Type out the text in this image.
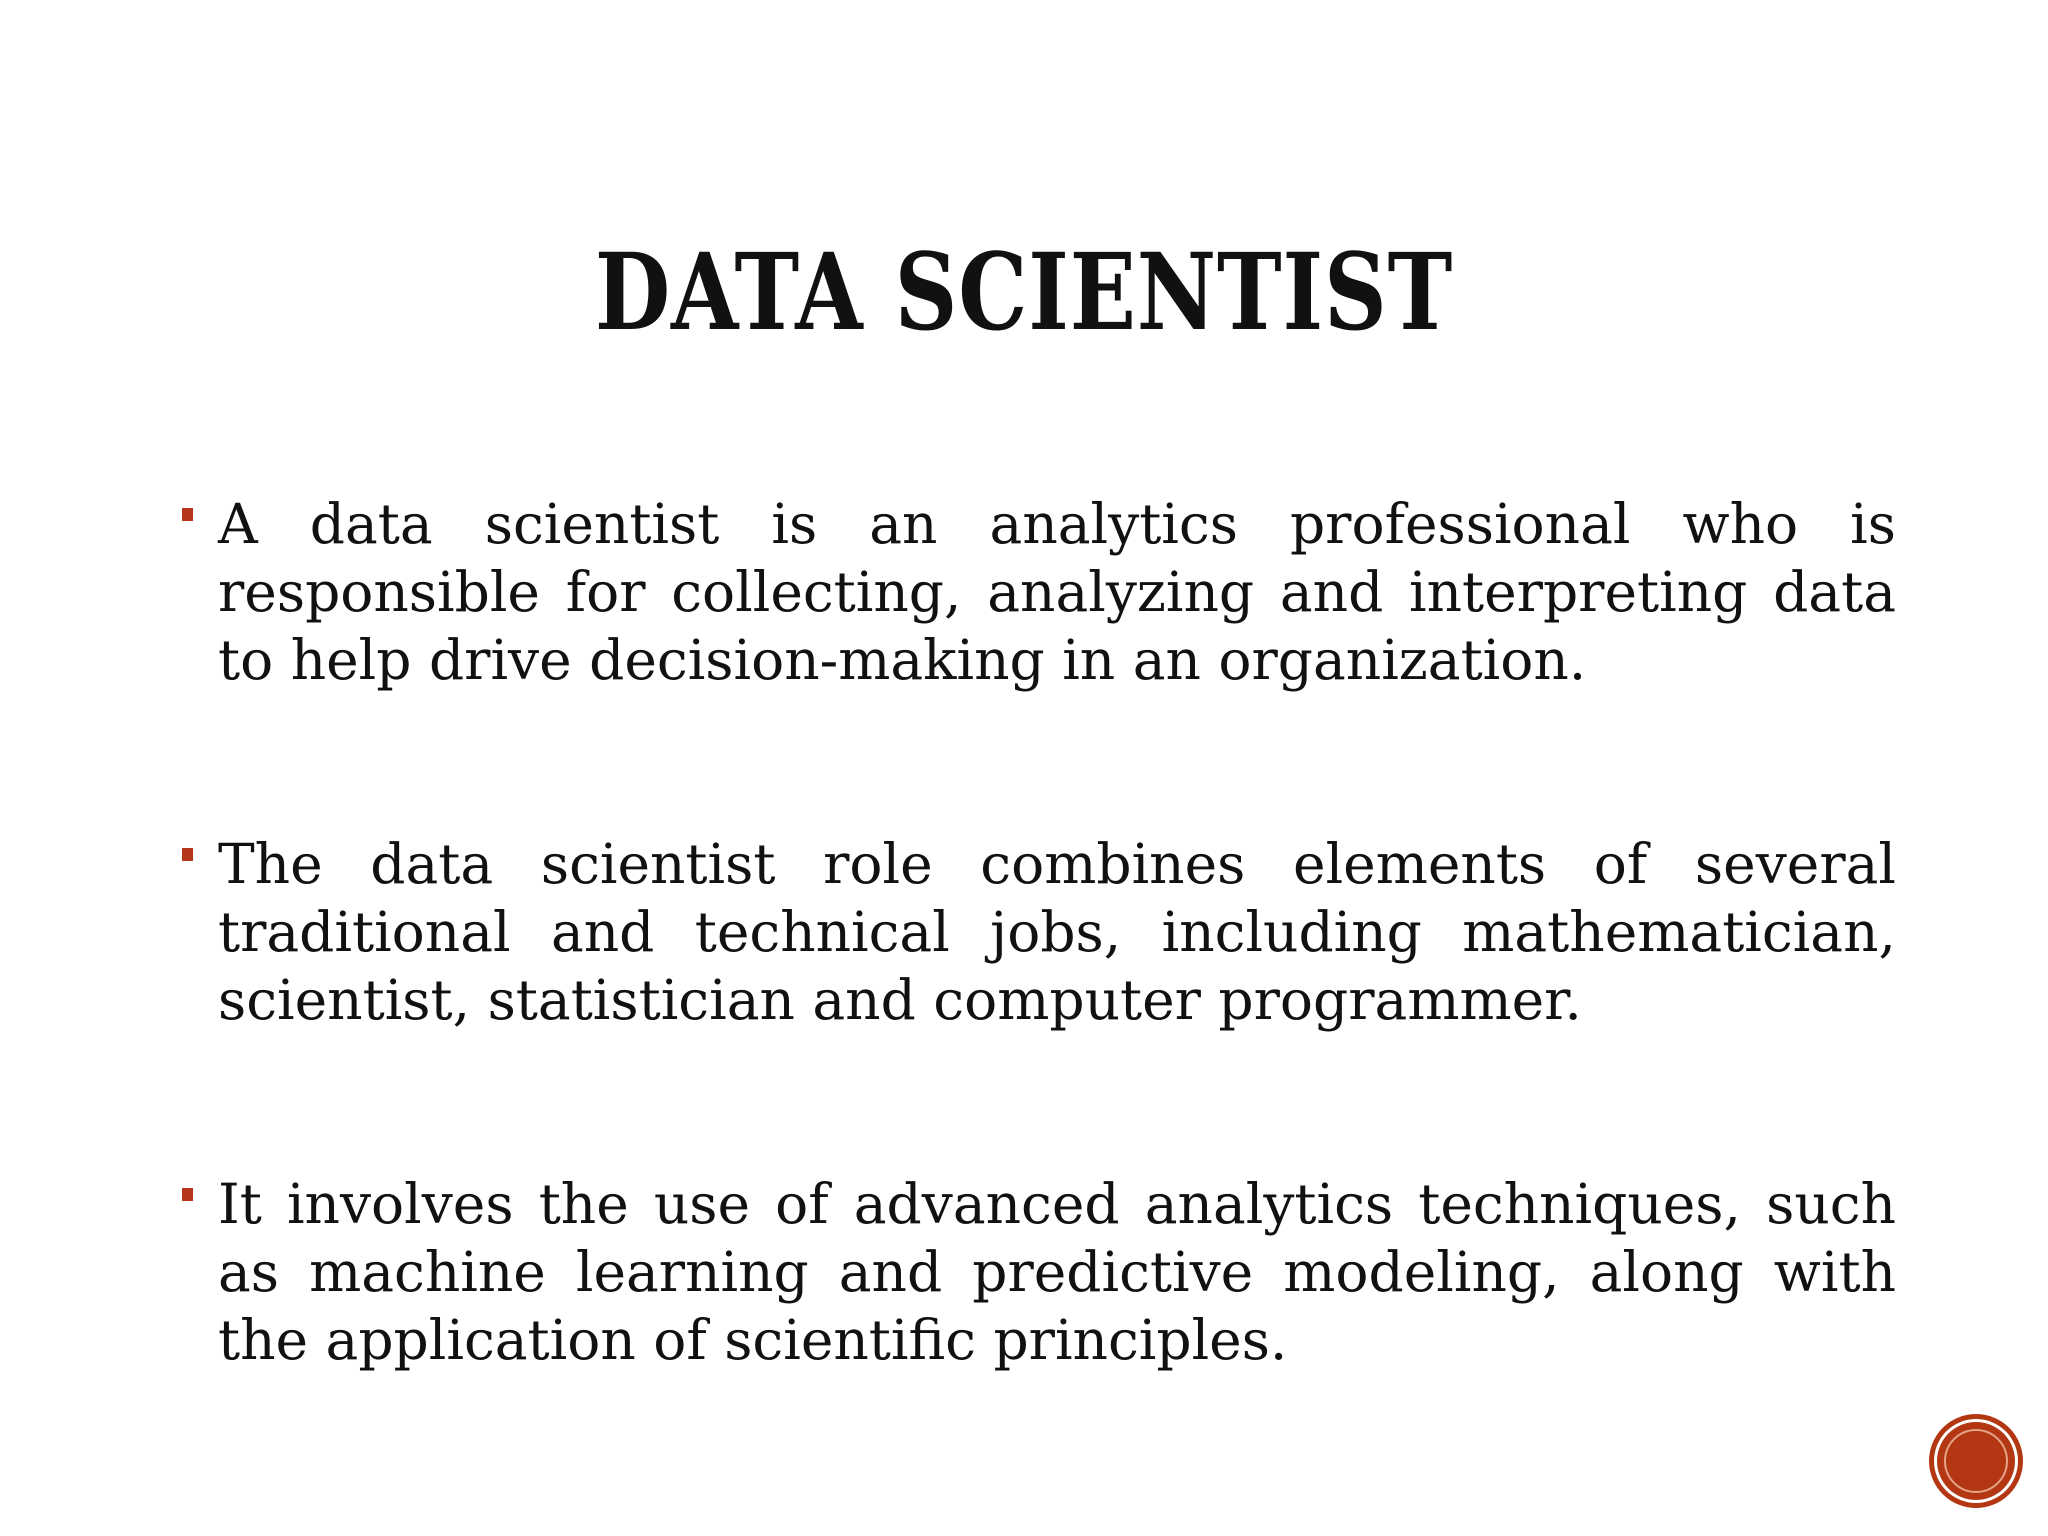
DATA SCIENTIST
A data scientist is an analytics professional who is responsible for collecting, analyzing and interpreting data to help drive decision-making in an organization.
The data scientist role combines elements of several traditional and technical jobs, including mathematician, scientist, statistician and computer programmer.
It involves the use of advanced analytics techniques, such as machine learning and predictive modeling, along with the application of scientific principles.
